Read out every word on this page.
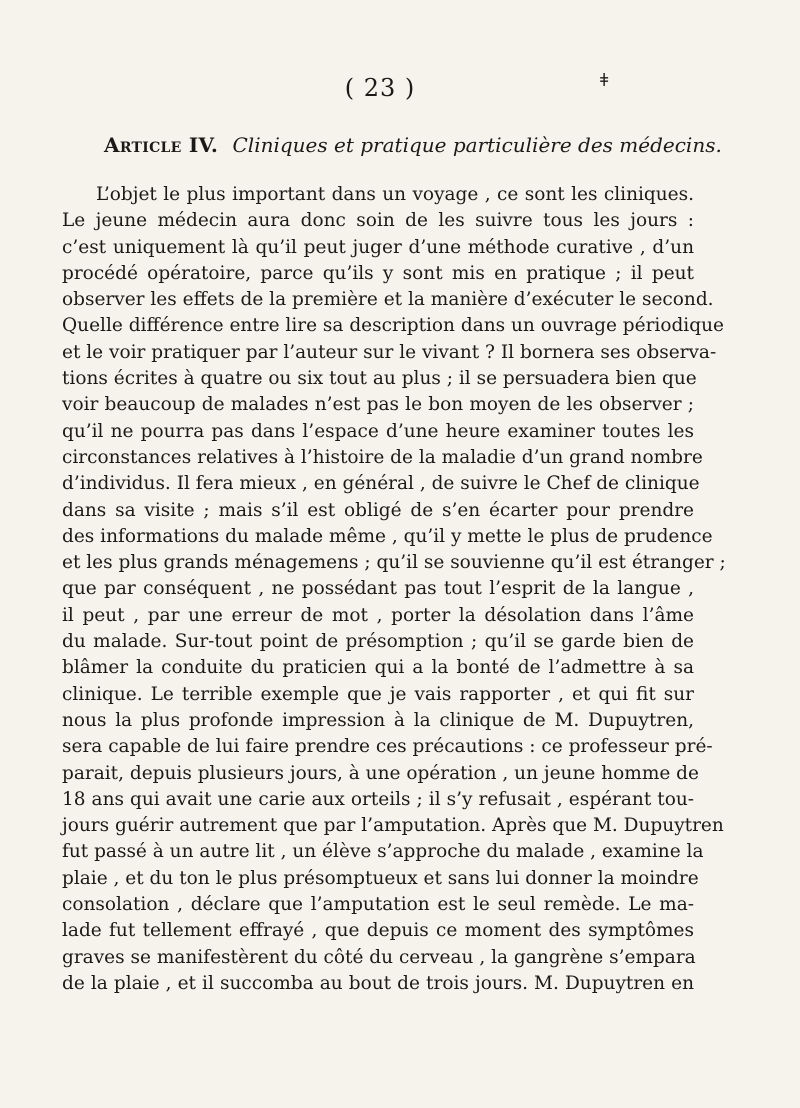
( 23 )	ǂ
Article IV. Cliniques et pratique particulière des médecins.
L’objet le plus important dans un voyage , ce sont les cliniques.
Le jeune médecin aura donc soin de les suivre tous les jours :
c’est uniquement là qu’il peut juger d’une méthode curative , d’un
procédé opératoire, parce qu’ils y sont mis en pratique ; il peut
observer les effets de la première et la manière d’exécuter le second.
Quelle différence entre lire sa description dans un ouvrage périodique
et le voir pratiquer par l’auteur sur le vivant ? Il bornera ses observa-
tions écrites à quatre ou six tout au plus ; il se persuadera bien que
voir beaucoup de malades n’est pas le bon moyen de les observer ;
qu’il ne pourra pas dans l’espace d’une heure examiner toutes les
circonstances relatives à l’histoire de la maladie d’un grand nombre
d’individus. Il fera mieux , en général , de suivre le Chef de clinique
dans sa visite ; mais s’il est obligé de s’en écarter pour prendre
des informations du malade même , qu’il y mette le plus de prudence
et les plus grands ménagemens ; qu’il se souvienne qu’il est étranger ;
que par conséquent , ne possédant pas tout l’esprit de la langue ,
il peut , par une erreur de mot , porter la désolation dans l’âme
du malade. Sur-tout point de présomption ; qu’il se garde bien de
blâmer la conduite du praticien qui a la bonté de l’admettre à sa
clinique. Le terrible exemple que je vais rapporter , et qui fit sur
nous la plus profonde impression à la clinique de M. Dupuytren,
sera capable de lui faire prendre ces précautions : ce professeur pré-
parait, depuis plusieurs jours, à une opération , un jeune homme de
18 ans qui avait une carie aux orteils ; il s’y refusait , espérant tou-
jours guérir autrement que par l’amputation. Après que M. Dupuytren
fut passé à un autre lit , un élève s’approche du malade , examine la
plaie , et du ton le plus présomptueux et sans lui donner la moindre
consolation , déclare que l’amputation est le seul remède. Le ma-
lade fut tellement effrayé , que depuis ce moment des symptômes
graves se manifestèrent du côté du cerveau , la gangrène s’empara
de la plaie , et il succomba au bout de trois jours. M. Dupuytren en
